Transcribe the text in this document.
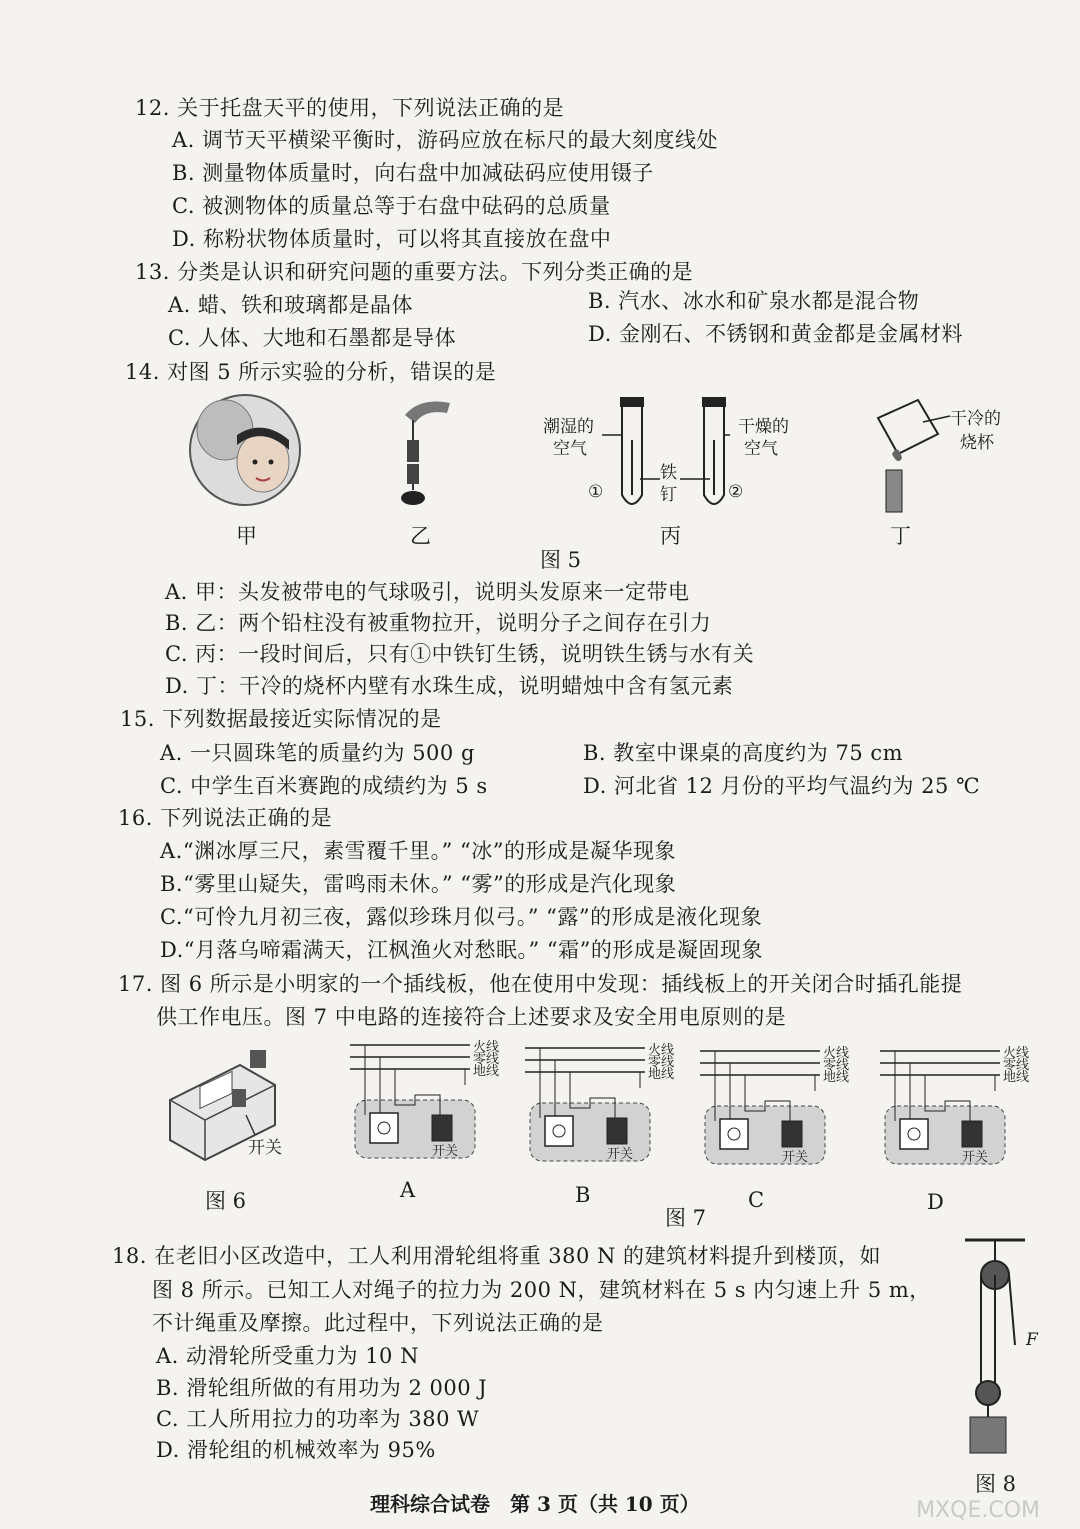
12. 关于托盘天平的使用，下列说法正确的是
A. 调节天平横梁平衡时，游码应放在标尺的最大刻度线处
B. 测量物体质量时，向右盘中加减砝码应使用镊子
C. 被测物体的质量总等于右盘中砝码的总质量
D. 称粉状物体质量时，可以将其直接放在盘中
13. 分类是认识和研究问题的重要方法。下列分类正确的是
A. 蜡、铁和玻璃都是晶体	B. 汽水、冰水和矿泉水都是混合物
C. 人体、大地和石墨都是导体	D. 金刚石、不锈钢和黄金都是金属材料
14. 对图 5 所示实验的分析，错误的是
甲	乙
潮湿的
空气
干燥的
空气
铁
钉
①	②
丙
干冷的
烧杯
丁
图 5
A. 甲：头发被带电的气球吸引，说明头发原来一定带电
B. 乙：两个铅柱没有被重物拉开，说明分子之间存在引力
C. 丙：一段时间后，只有①中铁钉生锈，说明铁生锈与水有关
D. 丁：干冷的烧杯内壁有水珠生成，说明蜡烛中含有氢元素
15. 下列数据最接近实际情况的是
A. 一只圆珠笔的质量约为 500 g	B. 教室中课桌的高度约为 75 cm
C. 中学生百米赛跑的成绩约为 5 s	D. 河北省 12 月份的平均气温约为 25 ℃
16. 下列说法正确的是
A.“渊冰厚三尺，素雪覆千里。” “冰”的形成是凝华现象
B.“雾里山疑失，雷鸣雨未休。” “雾”的形成是汽化现象
C.“可怜九月初三夜，露似珍珠月似弓。” “露”的形成是液化现象
D.“月落乌啼霜满天，江枫渔火对愁眠。” “霜”的形成是凝固现象
17. 图 6 所示是小明家的一个插线板，他在使用中发现：插线板上的开关闭合时插孔能提
供工作电压。图 7 中电路的连接符合上述要求及安全用电原则的是
开关
图 6
火
零
地
线
线
线
开关
火
零
地
线
线
线
开关
火
零
地
线
线
线
开关
火
零
地
线
线
线
开关
A	B	C	D
图 7
18. 在老旧小区改造中，工人利用滑轮组将重 380 N 的建筑材料提升到楼顶，如
图 8 所示。已知工人对绳子的拉力为 200 N，建筑材料在 5 s 内匀速上升 5 m，
不计绳重及摩擦。此过程中，下列说法正确的是
A. 动滑轮所受重力为 10 N
B. 滑轮组所做的有用功为 2 000 J
C. 工人所用拉力的功率为 380 W
D. 滑轮组的机械效率为 95%
F
图 8
理科综合试卷　第 3 页（共 10 页）	MXQE.COM
